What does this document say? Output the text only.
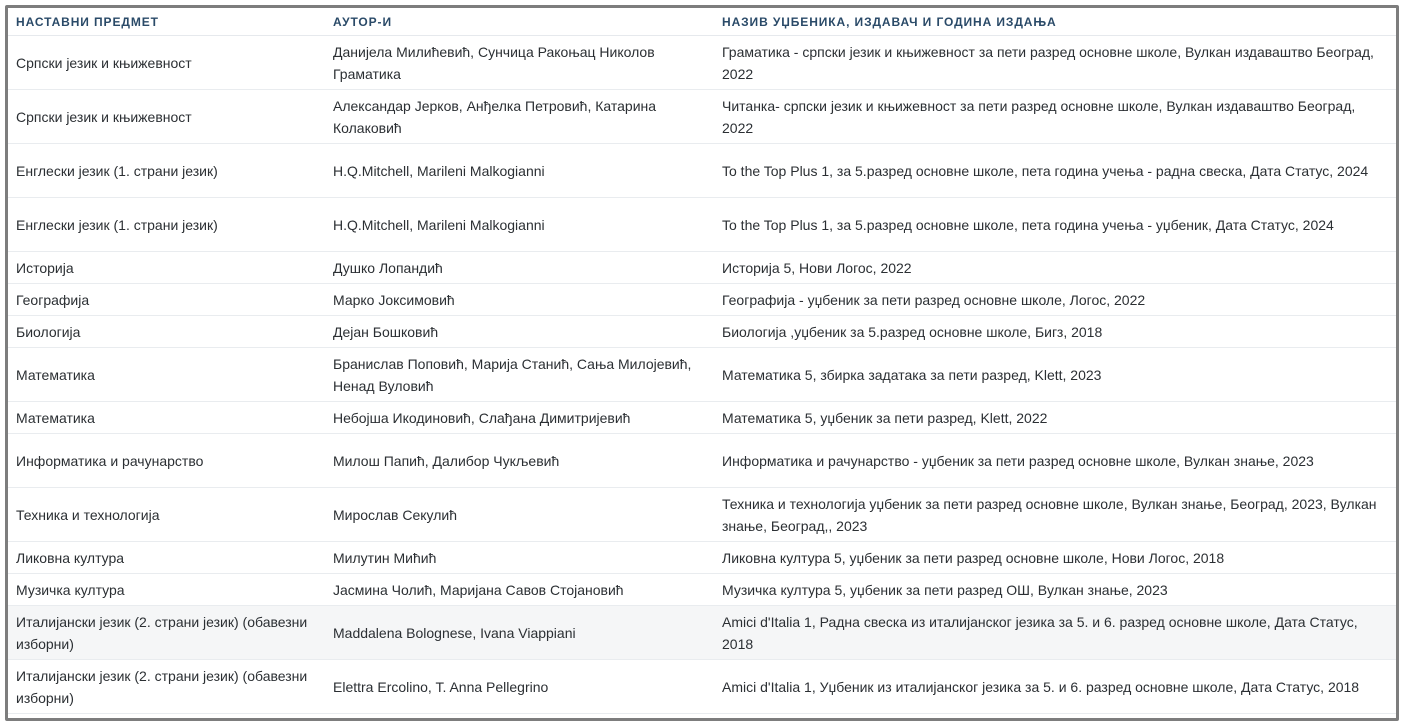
НАСТАВНИ ПРЕДМЕТ	АУТОР-И	НАЗИВ УЏБЕНИКА, ИЗДАВАЧ И ГОДИНА ИЗДАЊА
Српски језик и књижевност	Данијела Милићевић, Сунчица Ракоњац Николов Граматика	Граматика - српски језик и књижевност за пети разред основне школе, Вулкан издаваштво Београд, 2022
Српски језик и књижевност	Александар Јерков, Анђелка Петровић, Катарина Колаковић	Читанка- српски језик и књижевност за пети разред основне школе, Вулкан издаваштво Београд, 2022
Енглески језик (1. страни језик)	H.Q.Mitchell, Marileni Malkogianni	To the Top Plus 1, за 5.разред основне школе, пета година учења - радна свеска, Дата Статус, 2024
Енглески језик (1. страни језик)	H.Q.Mitchell, Marileni Malkogianni	To the Top Plus 1, за 5.разред основне школе, пета година учења - уџбеник, Дата Статус, 2024
Историја	Душко Лопандић	Историја 5, Нови Логос, 2022
Географија	Марко Јоксимовић	Географија - уџбеник за пети разред основне школе, Логос, 2022
Биологија	Дејан Бошковић	Биологија ,уџбеник за 5.разред основне школе, Бигз, 2018
Математика	Бранислав Поповић, Марија Станић, Сања Милојевић, Ненад Вуловић	Математика 5, збирка задатака за пети разред, Klett, 2023
Математика	Небојша Икодиновић, Слађана Димитријевић	Математика 5, уџбеник за пети разред, Klett, 2022
Информатика и рачунарство	Милош Папић, Далибор Чукљевић	Информатика и рачунарство - уџбеник за пети разред основне школе, Вулкан знање, 2023
Техника и технологија	Мирослав Секулић	Техника и технологија уџбеник за пети разред основне школе, Вулкан знање, Београд, 2023, Вулкан знање, Београд,, 2023
Ликовна култура	Милутин Мићић	Ликовна култура 5, уџбеник за пети разред основне школе, Нови Логос, 2018
Музичка култура	Јасмина Чолић, Маријана Савов Стојановић	Музичка култура 5, уџбеник за пети разред ОШ, Вулкан знање, 2023
Италијански језик (2. страни језик) (обавезни изборни)	Maddalena Bolognese, Ivana Viappiani	Amici d'Italia 1, Радна свеска из италијанског језика за 5. и 6. разред основне школе, Дата Статус, 2018
Италијански језик (2. страни језик) (обавезни изборни)	Elettra Ercolino, T. Anna Pellegrino	Amici d'Italia 1, Уџбеник из италијанског језика за 5. и 6. разред основне школе, Дата Статус, 2018
